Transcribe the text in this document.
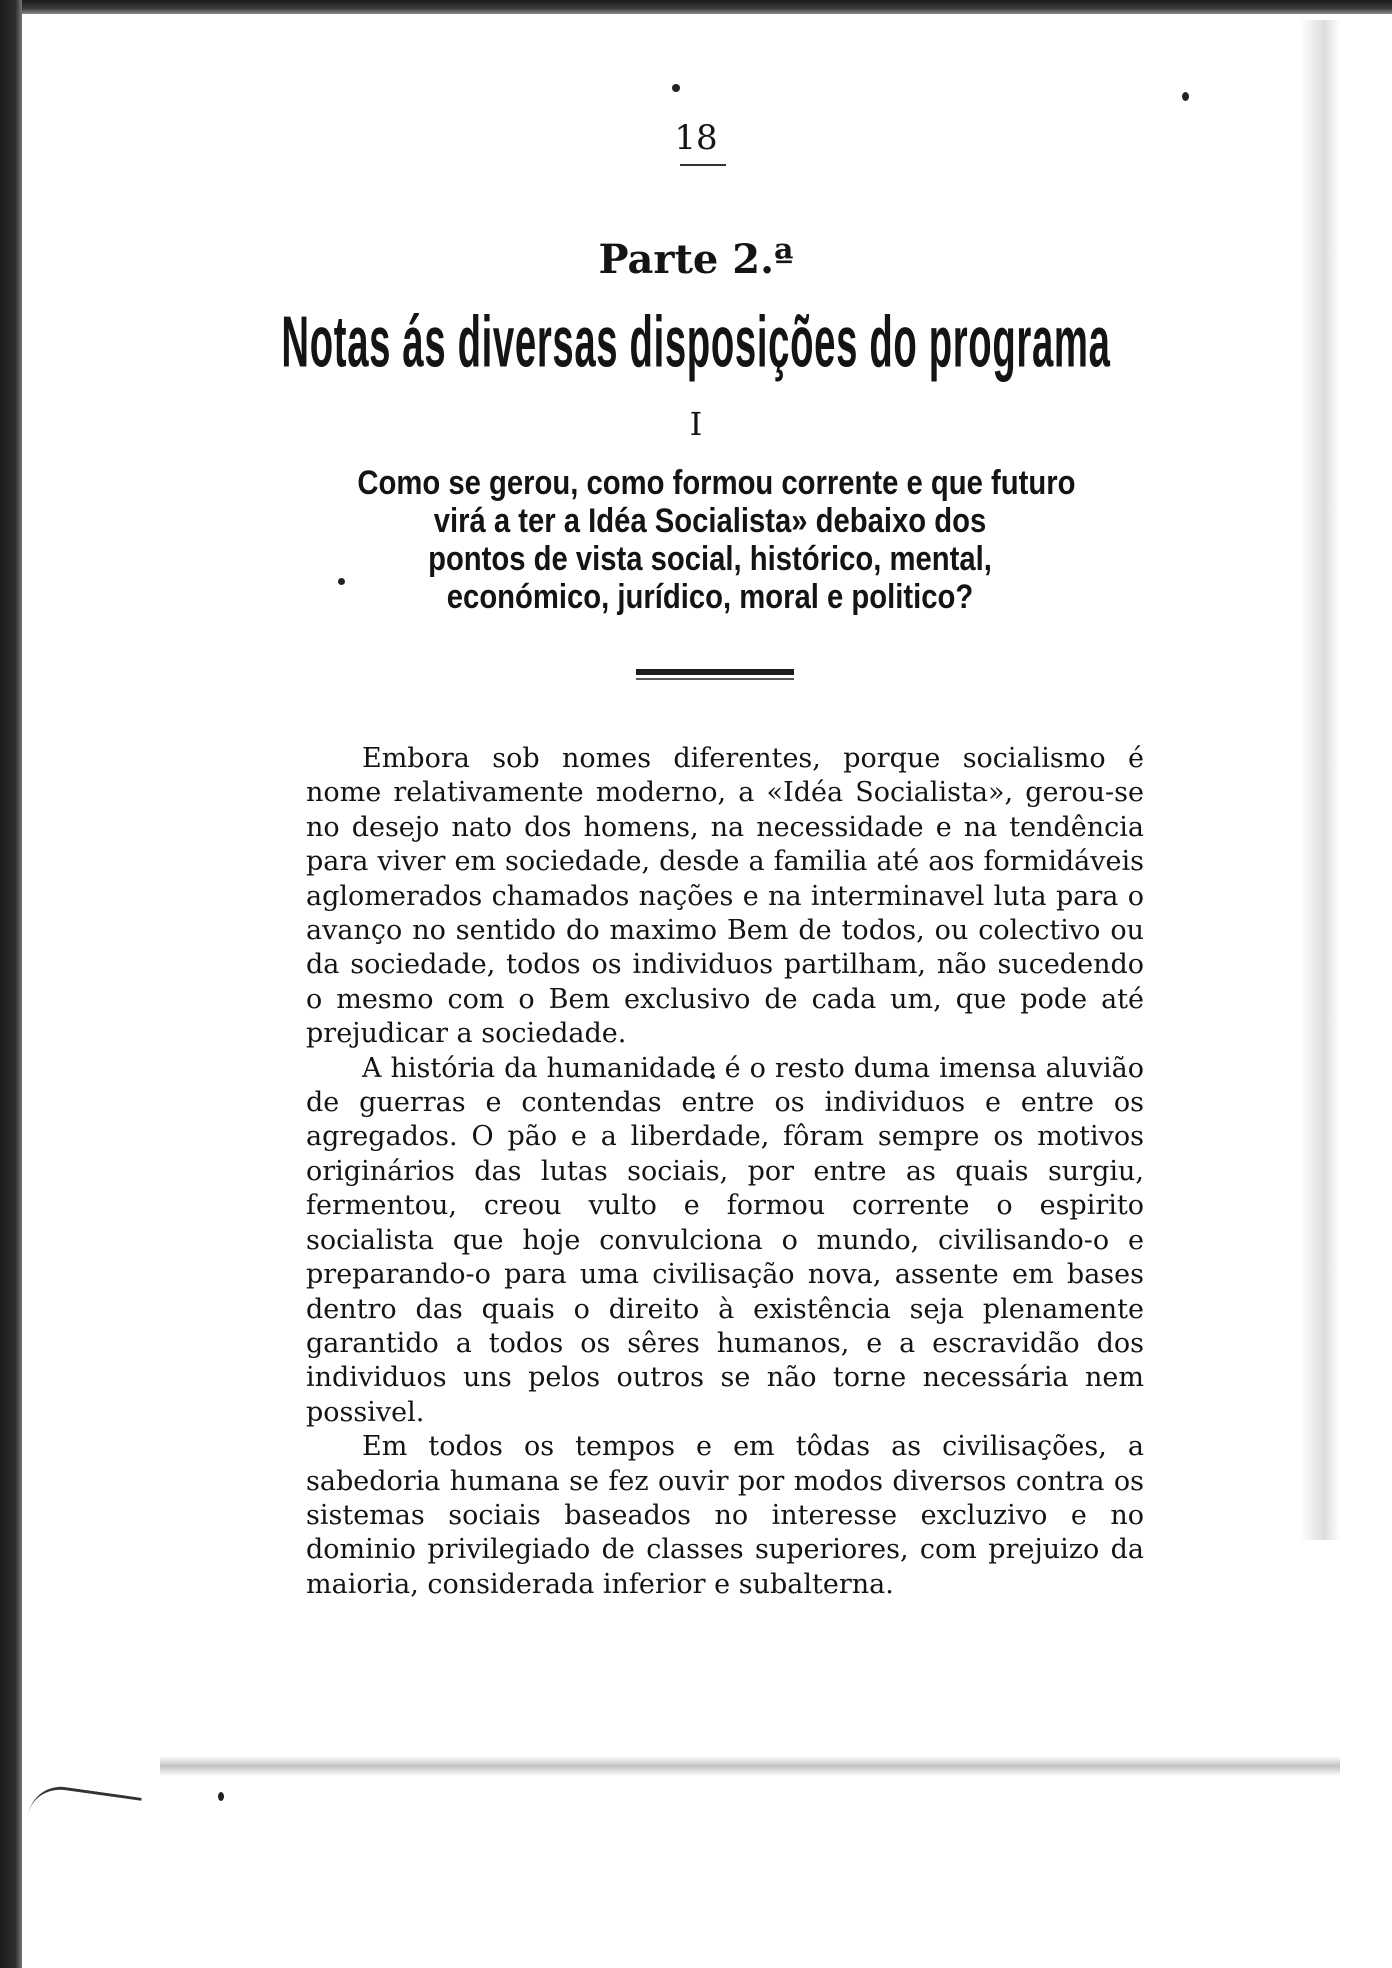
18
Parte 2.ª
Notas ás diversas disposições do programa
I
Como se gerou, como formou corrente e que futuro
virá a ter a Idéa Socialista» debaixo dos
pontos de vista social, histórico, mental,
económico, jurídico, moral e politico?

Embora sob nomes diferentes, porque socialismo é nome relativamente moderno, a «Idéa Socialista», gerou-se no desejo nato dos homens, na necessidade e na tendência para viver em sociedade, desde a familia até aos formidáveis aglomerados chamados nações e na interminavel luta para o avanço no sentido do maximo Bem de todos, ou colectivo ou da sociedade, todos os individuos partilham, não sucedendo o mesmo com o Bem exclusivo de cada um, que pode até prejudicar a sociedade.

A história da humanidade é o resto duma imensa aluvião de guerras e contendas entre os individuos e entre os agregados. O pão e a liberdade, fôram sempre os motivos originários das lutas sociais, por entre as quais surgiu, fermentou, creou vulto e formou corrente o espirito socialista que hoje convulciona o mundo, civilisando-o e preparando-o para uma civilisação nova, assente em bases dentro das quais o direito à existência seja plenamente garantido a todos os sêres humanos, e a escravidão dos individuos uns pelos outros se não torne necessária nem possivel.

Em todos os tempos e em tôdas as civilisações, a sabedoria humana se fez ouvir por modos diversos contra os sistemas sociais baseados no interesse excluzivo e no dominio privilegiado de classes superiores, com prejuizo da maioria, considerada inferior e subalterna.
